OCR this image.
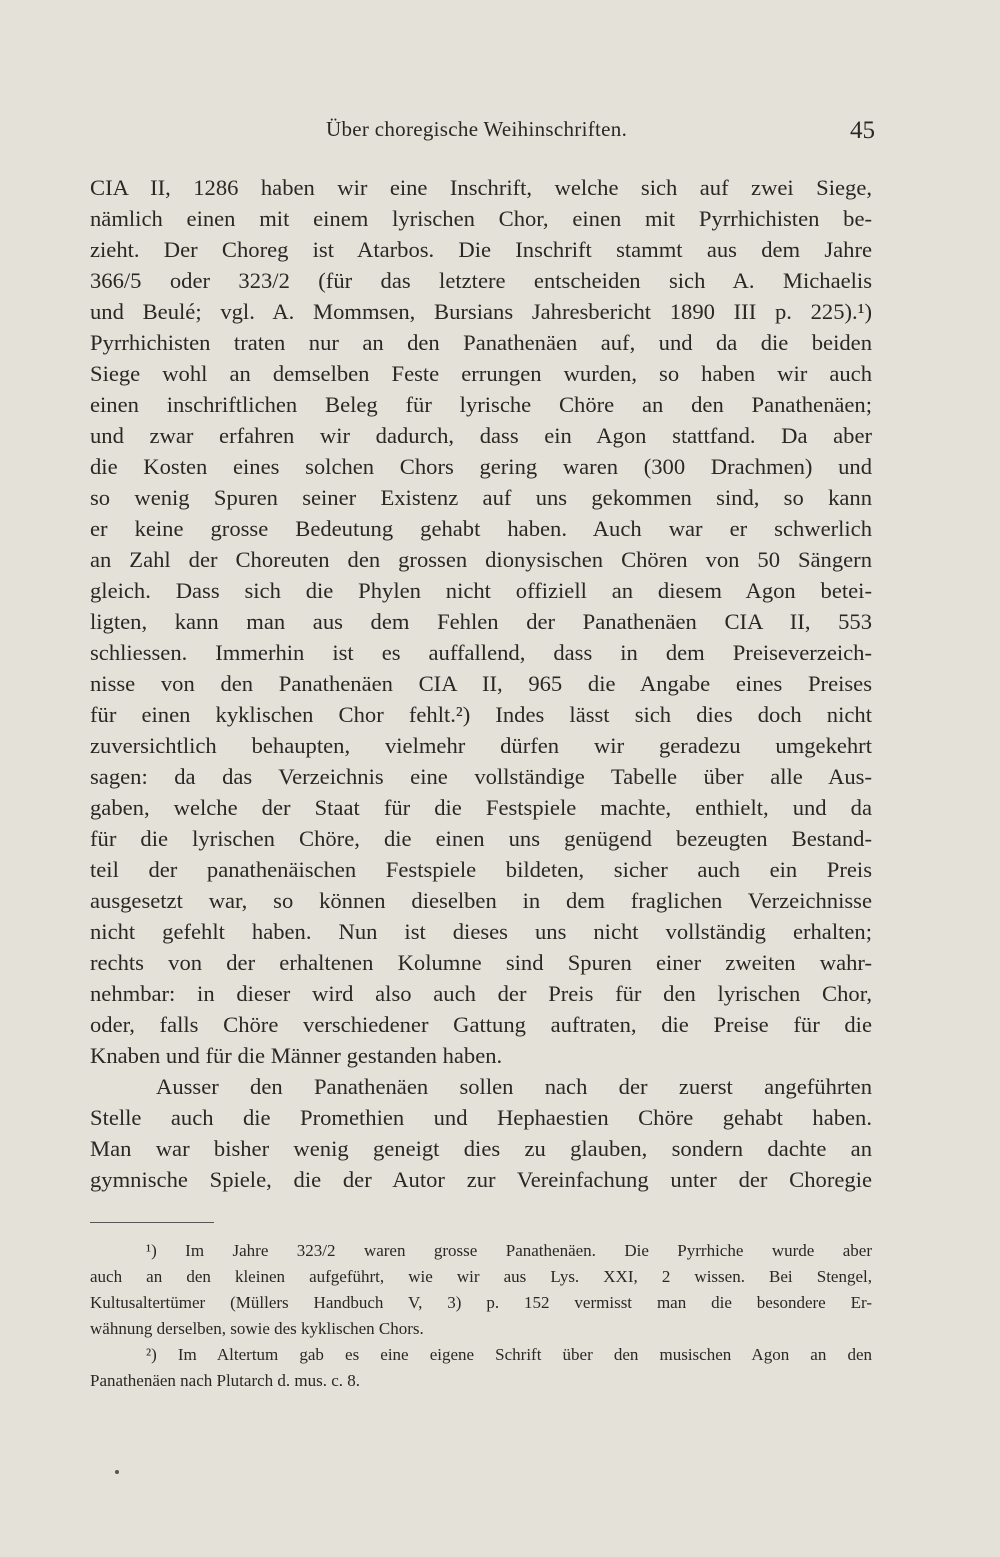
Über choregische Weihinschriften.	45
CIA II, 1286 haben wir eine Inschrift, welche sich auf zwei Siege,
nämlich einen mit einem lyrischen Chor, einen mit Pyrrhichisten be-
zieht. Der Choreg ist Atarbos. Die Inschrift stammt aus dem Jahre
366/5 oder 323/2 (für das letztere entscheiden sich A. Michaelis
und Beulé; vgl. A. Mommsen, Bursians Jahresbericht 1890 III p. 225).¹)
Pyrrhichisten traten nur an den Panathenäen auf, und da die beiden
Siege wohl an demselben Feste errungen wurden, so haben wir auch
einen inschriftlichen Beleg für lyrische Chöre an den Panathenäen;
und zwar erfahren wir dadurch, dass ein Agon stattfand. Da aber
die Kosten eines solchen Chors gering waren (300 Drachmen) und
so wenig Spuren seiner Existenz auf uns gekommen sind, so kann
er keine grosse Bedeutung gehabt haben. Auch war er schwerlich
an Zahl der Choreuten den grossen dionysischen Chören von 50 Sängern
gleich. Dass sich die Phylen nicht offiziell an diesem Agon betei-
ligten, kann man aus dem Fehlen der Panathenäen CIA II, 553
schliessen. Immerhin ist es auffallend, dass in dem Preiseverzeich-
nisse von den Panathenäen CIA II, 965 die Angabe eines Preises
für einen kyklischen Chor fehlt.²) Indes lässt sich dies doch nicht
zuversichtlich behaupten, vielmehr dürfen wir geradezu umgekehrt
sagen: da das Verzeichnis eine vollständige Tabelle über alle Aus-
gaben, welche der Staat für die Festspiele machte, enthielt, und da
für die lyrischen Chöre, die einen uns genügend bezeugten Bestand-
teil der panathenäischen Festspiele bildeten, sicher auch ein Preis
ausgesetzt war, so können dieselben in dem fraglichen Verzeichnisse
nicht gefehlt haben. Nun ist dieses uns nicht vollständig erhalten;
rechts von der erhaltenen Kolumne sind Spuren einer zweiten wahr-
nehmbar: in dieser wird also auch der Preis für den lyrischen Chor,
oder, falls Chöre verschiedener Gattung auftraten, die Preise für die
Knaben und für die Männer gestanden haben.
Ausser den Panathenäen sollen nach der zuerst angeführten
Stelle auch die Promethien und Hephaestien Chöre gehabt haben.
Man war bisher wenig geneigt dies zu glauben, sondern dachte an
gymnische Spiele, die der Autor zur Vereinfachung unter der Choregie
¹) Im Jahre 323/2 waren grosse Panathenäen. Die Pyrrhiche wurde aber
auch an den kleinen aufgeführt, wie wir aus Lys. XXI, 2 wissen. Bei Stengel,
Kultusaltertümer (Müllers Handbuch V, 3) p. 152 vermisst man die besondere Er-
wähnung derselben, sowie des kyklischen Chors.
²) Im Altertum gab es eine eigene Schrift über den musischen Agon an den
Panathenäen nach Plutarch d. mus. c. 8.
